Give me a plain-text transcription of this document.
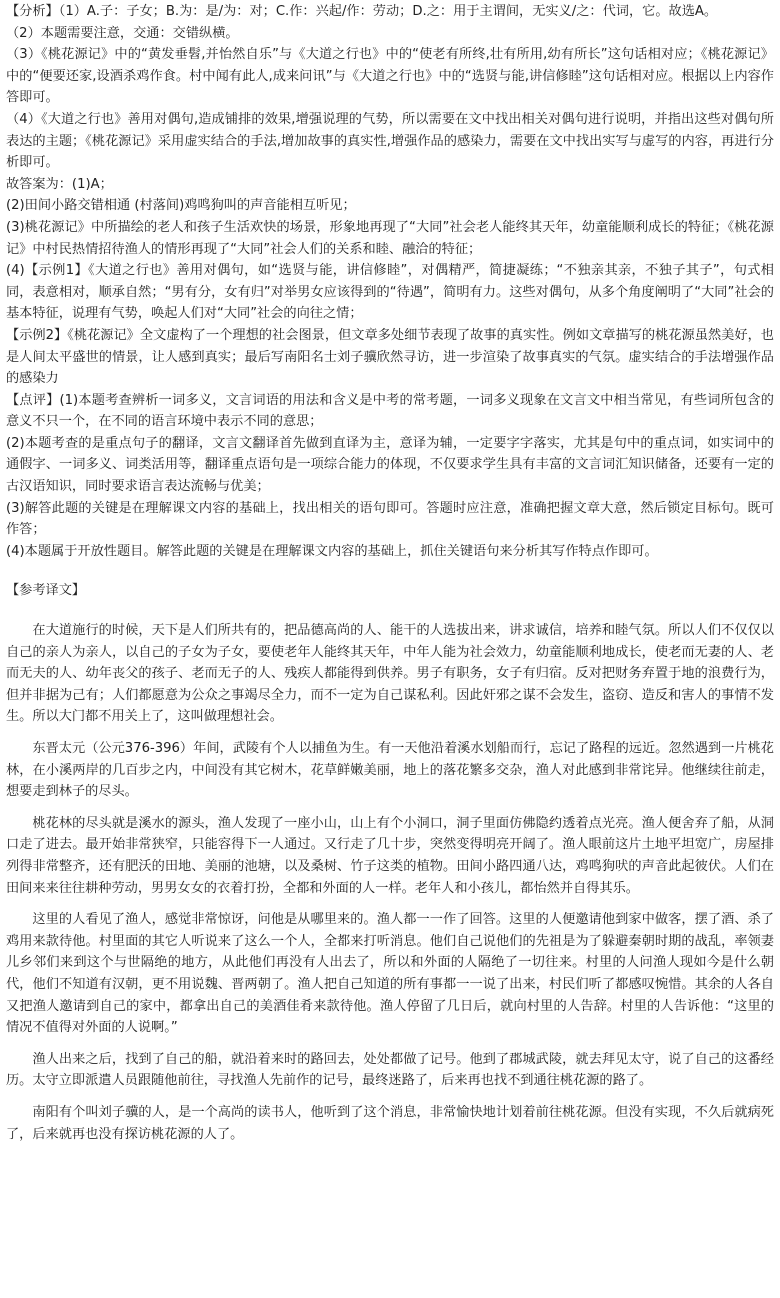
【分析】（1）A.子：子女；B.为：是/为：对；C.作：兴起/作：劳动；D.之：用于主谓间，无实义/之：代词，它。故选A。

（2）本题需要注意，交通：交错纵横。

（3）《桃花源记》中的“黄发垂髫,并怡然自乐”与《大道之行也》中的“使老有所终,壮有所用,幼有所长”这句话相对应；《桃花源记》中的“便要还家,设酒杀鸡作食。村中闻有此人,成来问讯”与《大道之行也》中的“选贤与能,讲信修睦”这句话相对应。根据以上内容作答即可。

（4）《大道之行也》善用对偶句,造成铺排的效果,增强说理的气势，所以需要在文中找出相关对偶句进行说明，并指出这些对偶句所表达的主题；《桃花源记》采用虚实结合的手法,增加故事的真实性,增强作品的感染力，需要在文中找出实写与虚写的内容，再进行分析即可。

故答案为：(1)A；

(2)田间小路交错相通 (村落间)鸡鸣狗叫的声音能相互听见；

(3)桃花源记》中所描绘的老人和孩子生活欢快的场景，形象地再现了“大同”社会老人能终其天年，幼童能顺利成长的特征；《桃花源记》中村民热情招待渔人的情形再现了“大同”社会人们的关系和睦、融洽的特征；

(4)【示例1】《大道之行也》善用对偶句，如“选贤与能，讲信修睦”，对偶精严，简捷凝练；“不独亲其亲，不独子其子”，句式相同，表意相对，顺承自然；“男有分，女有归”对举男女应该得到的“待遇”，简明有力。这些对偶句，从多个角度阐明了“大同”社会的基本特征，说理有气势，唤起人们对“大同”社会的向往之情；

【示例2】《桃花源记》全文虚构了一个理想的社会图景，但文章多处细节表现了故事的真实性。例如文章描写的桃花源虽然美好，也是人间太平盛世的情景，让人感到真实；最后写南阳名士刘子骥欣然寻访，进一步渲染了故事真实的气氛。虚实结合的手法增强作品的感染力

【点评】(1)本题考查辨析一词多义，文言词语的用法和含义是中考的常考题，一词多义现象在文言文中相当常见，有些词所包含的意义不只一个，在不同的语言环境中表示不同的意思；

(2)本题考查的是重点句子的翻译，文言文翻译首先做到直译为主，意译为辅，一定要字字落实，尤其是句中的重点词，如实词中的通假字、一词多义、词类活用等，翻译重点语句是一项综合能力的体现，不仅要求学生具有丰富的文言词汇知识储备，还要有一定的古汉语知识，同时要求语言表达流畅与优美；

(3)解答此题的关键是在理解课文内容的基础上，找出相关的语句即可。答题时应注意，准确把握文章大意，然后锁定目标句。既可作答；

(4)本题属于开放性题目。解答此题的关键是在理解课文内容的基础上，抓住关键语句来分析其写作特点作即可。

【参考译文】

在大道施行的时候，天下是人们所共有的，把品德高尚的人、能干的人选拔出来，讲求诚信，培养和睦气氛。所以人们不仅仅以自己的亲人为亲人，以自己的子女为子女，要使老年人能终其天年，中年人能为社会效力，幼童能顺利地成长，使老而无妻的人、老而无夫的人、幼年丧父的孩子、老而无子的人、残疾人都能得到供养。男子有职务，女子有归宿。反对把财务弃置于地的浪费行为，但并非据为己有；人们都愿意为公众之事竭尽全力，而不一定为自己谋私利。因此奸邪之谋不会发生，盗窃、造反和害人的事情不发生。所以大门都不用关上了，这叫做理想社会。

东晋太元（公元376-396）年间，武陵有个人以捕鱼为生。有一天他沿着溪水划船而行，忘记了路程的远近。忽然遇到一片桃花林，在小溪两岸的几百步之内，中间没有其它树木，花草鲜嫩美丽，地上的落花繁多交杂，渔人对此感到非常诧异。他继续往前走，想要走到林子的尽头。

桃花林的尽头就是溪水的源头，渔人发现了一座小山，山上有个小洞口，洞子里面仿佛隐约透着点光亮。渔人便舍弃了船，从洞口走了进去。最开始非常狭窄，只能容得下一人通过。又行走了几十步，突然变得明亮开阔了。渔人眼前这片土地平坦宽广，房屋排列得非常整齐，还有肥沃的田地、美丽的池塘，以及桑树、竹子这类的植物。田间小路四通八达，鸡鸣狗吠的声音此起彼伏。人们在田间来来往往耕种劳动，男男女女的衣着打扮，全都和外面的人一样。老年人和小孩儿，都怡然并自得其乐。

这里的人看见了渔人，感觉非常惊讶，问他是从哪里来的。渔人都一一作了回答。这里的人便邀请他到家中做客，摆了酒、杀了鸡用来款待他。村里面的其它人听说来了这么一个人，全都来打听消息。他们自己说他们的先祖是为了躲避秦朝时期的战乱，率领妻儿乡邻们来到这个与世隔绝的地方，从此他们再没有人出去了，所以和外面的人隔绝了一切往来。村里的人问渔人现如今是什么朝代，他们不知道有汉朝，更不用说魏、晋两朝了。渔人把自己知道的所有事都一一说了出来，村民们听了都感叹惋惜。其余的人各自又把渔人邀请到自己的家中，都拿出自己的美酒佳肴来款待他。渔人停留了几日后，就向村里的人告辞。村里的人告诉他：“这里的情况不值得对外面的人说啊。”

渔人出来之后，找到了自己的船，就沿着来时的路回去，处处都做了记号。他到了郡城武陵，就去拜见太守，说了自己的这番经历。太守立即派遣人员跟随他前往，寻找渔人先前作的记号，最终迷路了，后来再也找不到通往桃花源的路了。

南阳有个叫刘子骥的人，是一个高尚的读书人，他听到了这个消息，非常愉快地计划着前往桃花源。但没有实现，不久后就病死了，后来就再也没有探访桃花源的人了。
